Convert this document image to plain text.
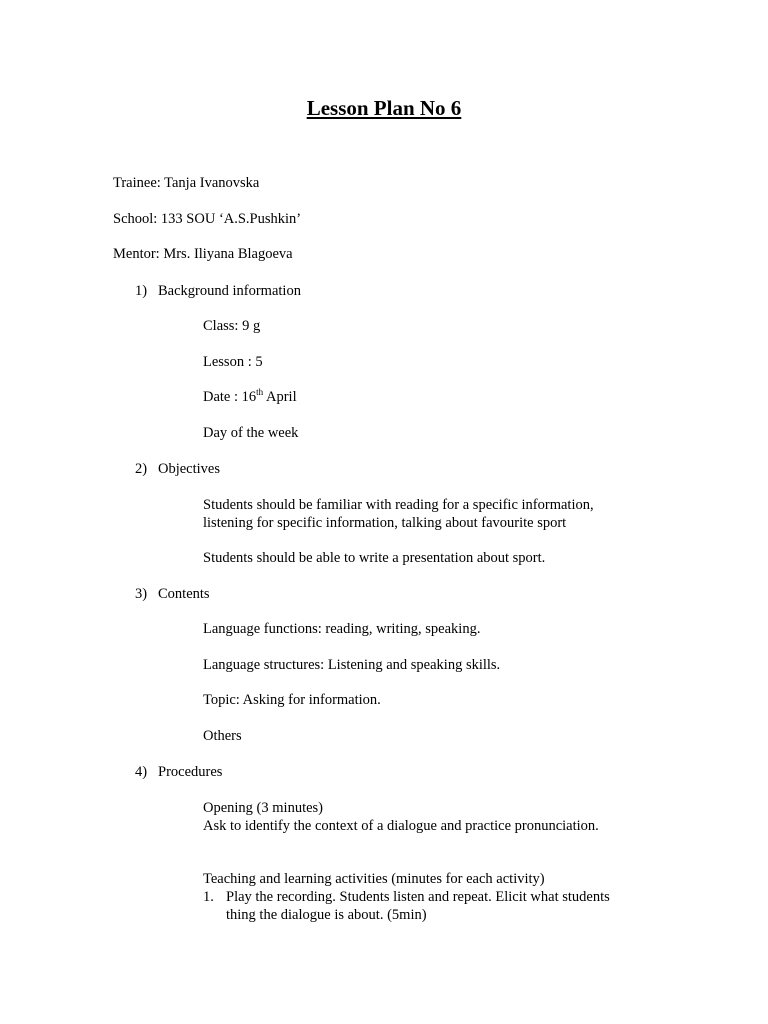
Lesson Plan No 6
Trainee: Tanja Ivanovska
School: 133 SOU ‘A.S.Pushkin’
Mentor: Mrs. Iliyana Blagoeva
1) Background information
Class: 9 g
Lesson : 5
Date : 16th April
Day of the week
2) Objectives
Students should be familiar with reading for a specific information,
listening for specific information, talking about favourite sport
Students should be able to write a presentation about sport.
3) Contents
Language functions: reading, writing, speaking.
Language structures: Listening and speaking skills.
Topic: Asking for information.
Others
4) Procedures
Opening (3 minutes)
Ask to identify the context of a dialogue and practice pronunciation.
Teaching and learning activities (minutes for each activity)
1. Play the recording. Students listen and repeat. Elicit what students
thing the dialogue is about. (5min)
